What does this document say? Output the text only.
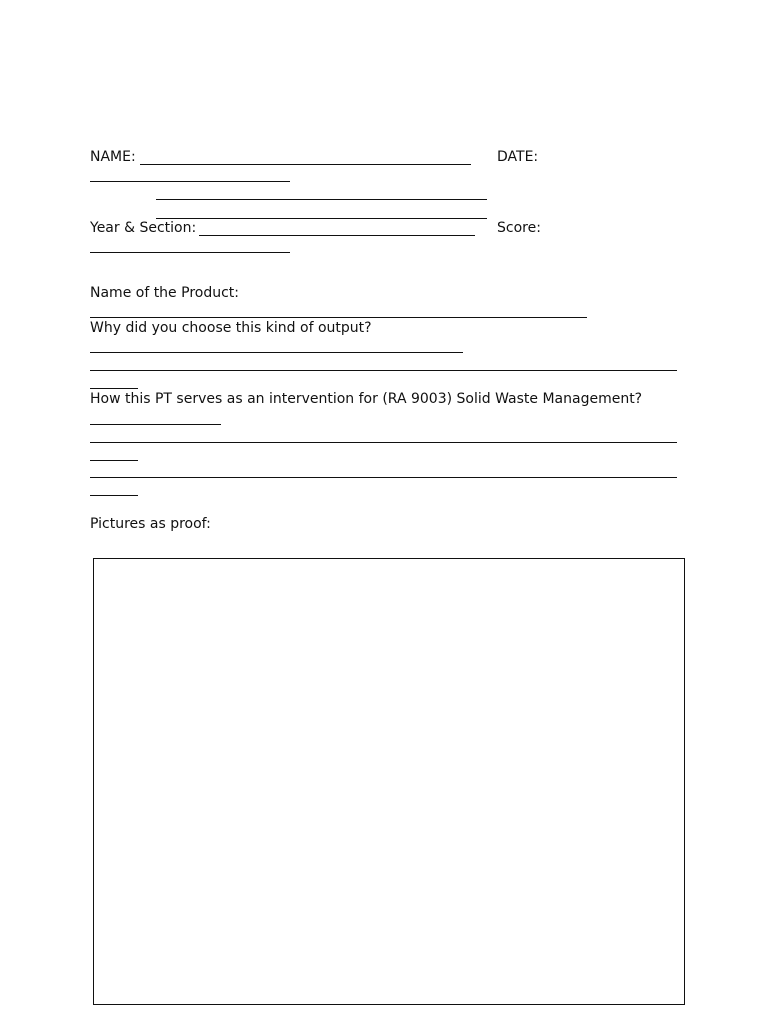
NAME:	DATE:
Year & Section:	Score:
Name of the Product:
Why did you choose this kind of output?
How this PT serves as an intervention for (RA 9003) Solid Waste Management?
Pictures as proof:
